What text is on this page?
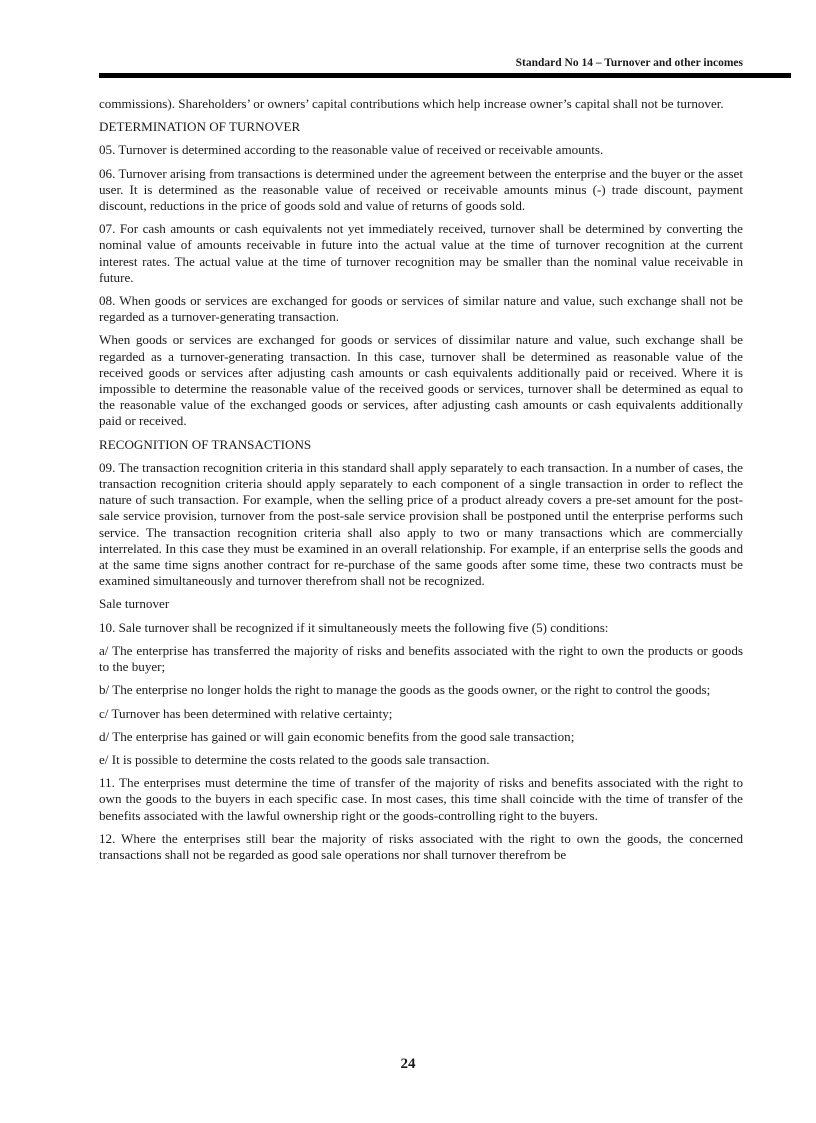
Standard No 14 – Turnover and other incomes

commissions). Shareholders’ or owners’ capital contributions which help increase owner’s capital shall not be turnover.

DETERMINATION OF TURNOVER

05. Turnover is determined according to the reasonable value of received or receivable amounts.

06. Turnover arising from transactions is determined under the agreement between the enterprise and the buyer or the asset user. It is determined as the reasonable value of received or receivable amounts minus (-) trade discount, payment discount, reductions in the price of goods sold and value of returns of goods sold.

07. For cash amounts or cash equivalents not yet immediately received, turnover shall be determined by converting the nominal value of amounts receivable in future into the actual value at the time of turnover recognition at the current interest rates. The actual value at the time of turnover recognition may be smaller than the nominal value receivable in future.

08. When goods or services are exchanged for goods or services of similar nature and value, such exchange shall not be regarded as a turnover-generating transaction.

When goods or services are exchanged for goods or services of dissimilar nature and value, such exchange shall be regarded as a turnover-generating transaction. In this case, turnover shall be determined as reasonable value of the received goods or services after adjusting cash amounts or cash equivalents additionally paid or received. Where it is impossible to determine the reasonable value of the received goods or services, turnover shall be determined as equal to the reasonable value of the exchanged goods or services, after adjusting cash amounts or cash equivalents additionally paid or received.

RECOGNITION OF TRANSACTIONS

09. The transaction recognition criteria in this standard shall apply separately to each transaction. In a number of cases, the transaction recognition criteria should apply separately to each component of a single transaction in order to reflect the nature of such transaction. For example, when the selling price of a product already covers a pre-set amount for the post-sale service provision, turnover from the post-sale service provision shall be postponed until the enterprise performs such service. The transaction recognition criteria shall also apply to two or many transactions which are commercially interrelated. In this case they must be examined in an overall relationship. For example, if an enterprise sells the goods and at the same time signs another contract for re-purchase of the same goods after some time, these two contracts must be examined simultaneously and turnover therefrom shall not be recognized.

Sale turnover

10. Sale turnover shall be recognized if it simultaneously meets the following five (5) conditions:

a/ The enterprise has transferred the majority of risks and benefits associated with the right to own the products or goods to the buyer;

b/ The enterprise no longer holds the right to manage the goods as the goods owner, or the right to control the goods;

c/ Turnover has been determined with relative certainty;

d/ The enterprise has gained or will gain economic benefits from the good sale transaction;

e/ It is possible to determine the costs related to the goods sale transaction.

11. The enterprises must determine the time of transfer of the majority of risks and benefits associated with the right to own the goods to the buyers in each specific case. In most cases, this time shall coincide with the time of transfer of the benefits associated with the lawful ownership right or the goods-controlling right to the buyers.

12. Where the enterprises still bear the majority of risks associated with the right to own the goods, the concerned transactions shall not be regarded as good sale operations nor shall turnover therefrom be

24
